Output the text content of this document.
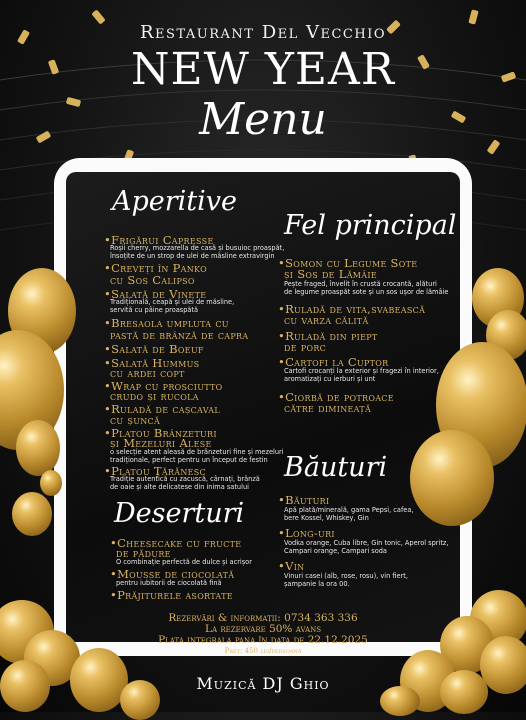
Restaurant Del Vecchio
NEW YEAR
Menu
Aperitive
•Frigărui Capresse
Roșii cherry, mozzarella de casă și busuioc proaspăt,
însoțite de un strop de ulei de măsline extravirgin
•Creveți în Panko
cu Sos Calipso
•Salată de Vinete
Tradițională, ceapă și ulei de măsline,
servită cu pâine proaspătă
•Bresaola umpluta cu
pastă de brânză de capra
•Salată de Boeuf
•Salată Hummus
cu ardei copt
•Wrap cu prosciutto
crudo și rucola
•Ruladă de cașcaval
cu șuncă
•Platou Brânzeturi
și Mezeluri Alese
o selecție atent aleasă de brânzeturi fine și mezeluri
tradiționale, perfect pentru un început de festin
•Platou Țărănesc
Tradiție autentică cu zacuscă, cârnați, brânză
de oaie și alte delicatese din inima satului
Fel principal
•Somon cu Legume Sote
și Sos de Lămâie
Pește fraged, învelit în crustă crocantă, alături
de legume proaspăt sote și un sos ușor de lămâie
•Ruladă de vita,svabească
cu varza călită
•Ruladă din piept
de porc
•Cartofi la Cuptor
Cartofi crocanți la exterior și fragezi în interior,
aromatizați cu ierburi și unt
•Ciorbă de potroace
către dimineață
Băuturi
•Băuturi
Apă plată/minerală, gama Pepsi, cafea,
bere Kossel, Whiskey, Gin
•Long-uri
Vodka orange, Cuba libre, Gin tonic, Aperol spritz,
Campari orange, Campari soda
•Vin
Vinuri casei (alb, rose, rosu), vin fiert,
șampanie la ora 00.
Deserturi
•Cheesecake cu fructe
de pădure
O combinație perfectă de dulce și acrișor
•Mousse de ciocolată
pentru iubitorii de ciocolată fină
•Prăjiturele asortate
Rezervări & informații: 0734 363 336
La rezervare 50% avans
Plata integrala pana în data de 22.12.2025
Preț: 450 lei/persoană
Muzică DJ Ghio
